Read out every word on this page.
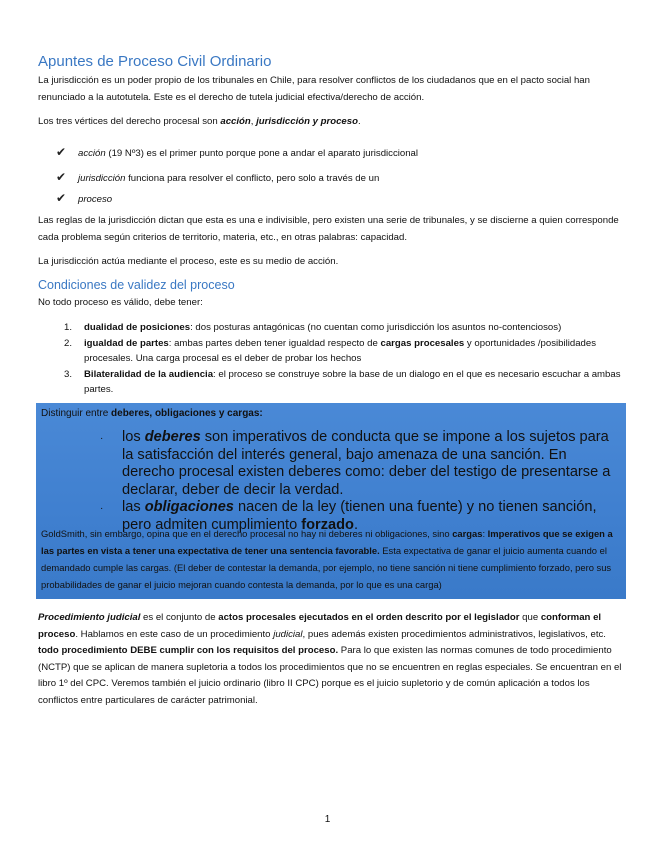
Apuntes de Proceso Civil Ordinario

La jurisdicción es un poder propio de los tribunales en Chile, para resolver conflictos de los ciudadanos que en el pacto social han renunciado a la autotutela. Este es el derecho de tutela judicial efectiva/derecho de acción.

Los tres vértices del derecho procesal son acción, jurisdicción y proceso.

✔ acción (19 Nº3) es el primer punto porque pone a andar el aparato jurisdiccional
✔ jurisdicción funciona para resolver el conflicto, pero solo a través de un
✔ proceso

Las reglas de la jurisdicción dictan que esta es una e indivisible, pero existen una serie de tribunales, y se discierne a quien corresponde cada problema según criterios de territorio, materia, etc., en otras palabras: capacidad.

La jurisdicción actúa mediante el proceso, este es su medio de acción.

Condiciones de validez del proceso

No todo proceso es válido, debe tener:

1.	dualidad de posiciones: dos posturas antagónicas (no cuentan como jurisdicción los asuntos no-contenciosos)
2.	igualdad de partes: ambas partes deben tener igualdad respecto de cargas procesales y oportunidades /posibilidades procesales. Una carga procesal es el deber de probar los hechos
3.	Bilateralidad de la audiencia: el proceso se construye sobre la base de un dialogo en el que es necesario escuchar a ambas partes.

Procedimiento judicial es el conjunto de actos procesales ejecutados en el orden descrito por el legislador que conforman el proceso. Hablamos en este caso de un procedimiento judicial, pues además existen procedimientos administrativos, legislativos, etc. todo procedimiento DEBE cumplir con los requisitos del proceso. Para lo que existen las normas comunes de todo procedimiento (NCTP) que se aplican de manera supletoria a todos los procedimientos que no se encuentren en reglas especiales. Se encuentran en el libro 1º del CPC. Veremos también el juicio ordinario (libro II CPC) porque es el juicio supletorio y de común aplicación a todos los conflictos entre particulares de carácter patrimonial.

Distinguir entre deberes, obligaciones y cargas:
· los deberes son imperativos de conducta que se impone a los sujetos para la satisfacción del interés general, bajo amenaza de una sanción. En derecho procesal existen deberes como: deber del testigo de presentarse a declarar, deber de decir la verdad.
· las obligaciones nacen de la ley (tienen una fuente) y no tienen sanción, pero admiten cumplimiento forzado.
GoldSmith, sin embargo, opina que en el derecho procesal no hay ni deberes ni obligaciones, sino cargas: Imperativos que se exigen a las partes en vista a tener una expectativa de tener una sentencia favorable. Esta expectativa de ganar el juicio aumenta cuando el demandado cumple las cargas. (El deber de contestar la demanda, por ejemplo, no tiene sanción ni tiene cumplimiento forzado, pero sus probabilidades de ganar el juicio mejoran cuando contesta la demanda, por lo que es una carga)
1
